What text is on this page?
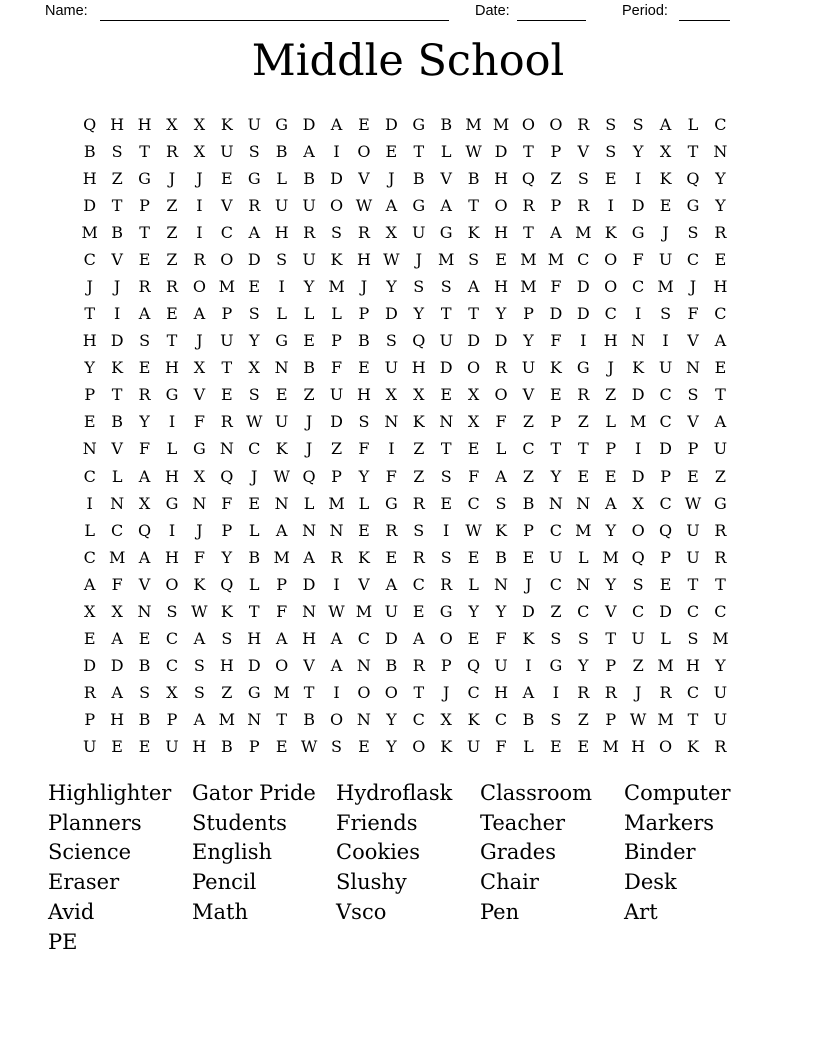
Name:	Date:	Period:
Middle School
Q H H X	X K U G D A E D G B M M O O R S	S	A	L C
B	S	T	R X U S	B A	I	O E	T	L W D T	P	V	S	Y	X	T N
H Z G	J	J	E G L	B D V	J	B V B H Q Z	S	E	I	K Q Y
D T	P	Z	I	V R U U O W A G A	T O R	P	R	I	D E G Y
M B	T	Z	I	C A H R S R X U G K H T	A M K G	J	S R
C V E	Z R O D S U K H W J	M S	E M M C O F U C E
J	J	R R O M E	I	Y M	J	Y	S	S	A H M F D O C M	J	H
T	I	A E A	P	S	L	L	L	P D Y	T	T	Y	P D D C	I	S	F C
H D S	T	J	U Y G E	P	B	S Q U D D Y	F	I	H N	I	V A
Y	K E H X	T	X N B F	E U H D O R U K G	J	K U N E
P	T	R G V E	S	E	Z U H X	X E X O V E R Z D C S	T
E B	Y	I	F R W U	J	D S N K N X	F	Z	P	Z	L M C V A
N V	F	L G N C K	J	Z	F	I	Z	T	E	L C T	T	P	I	D P U
C L	A H X Q	J W Q P	Y	F	Z	S	F	A	Z	Y	E E D P	E	Z
I	N X G N F	E N L M L G R E C S	B N N A X C W G
L C Q	I	J	P	L	A N N E R S	I	W K	P C M Y O Q U R
C M A H F	Y	B M A R K E R S	E B E U L M Q P U R
A	F	V O K Q L	P D	I	V A C R	L N	J	C N Y	S	E	T	T
X	X N S W K	T	F N W M U E G Y	Y D Z C V C D C C
E A E C A	S H A H A C D A O E	F K S	S	T U L	S M
D D B C S H D O V A N B R	P Q U	I	G Y	P	Z M H Y
R A	S	X	S	Z G M T	I	O O T	J	C H A	I	R R	J	R C U
P H B	P	A M N T	B O N Y	C X K C B	S	Z	P W M T U
U E E U H B	P	E W S	E	Y O K U F	L	E E M H O K R
Highlighter
Planners
Science
Eraser
Avid
PE
Gator Pride
Students
English
Pencil
Math
Hydroflask
Friends
Cookies
Slushy
Vsco
Classroom
Teacher
Grades
Chair
Pen
Computer
Markers
Binder
Desk
Art
